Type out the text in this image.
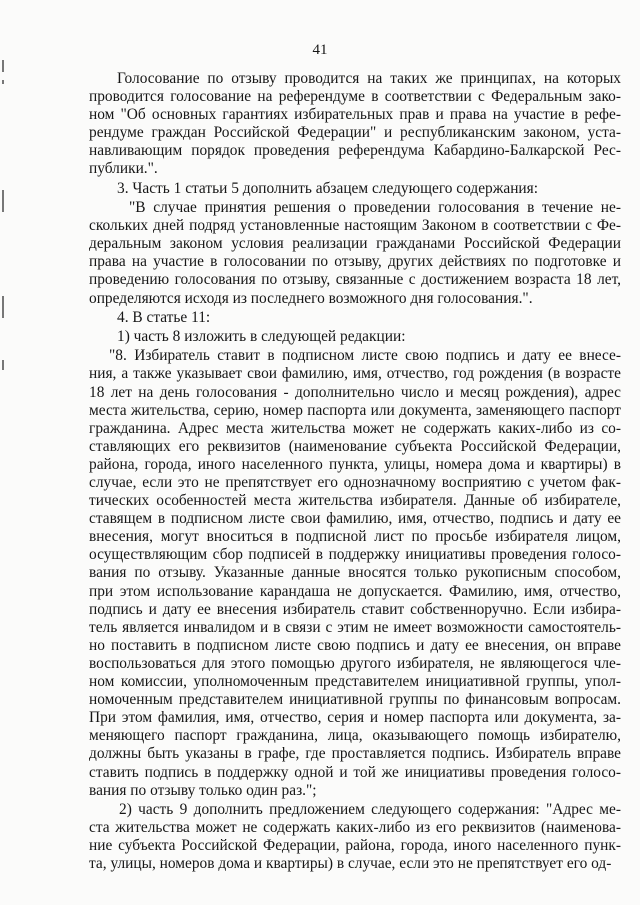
41
Голосование по отзыву проводится на таких же принципах, на которых
проводится голосование на референдуме в соответствии с Федеральным зако-
ном "Об основных гарантиях избирательных прав и права на участие в рефе-
рендуме граждан Российской Федерации" и республиканским законом, уста-
навливающим порядок проведения референдума Кабардино-Балкарской Рес-
публики.".
3. Часть 1 статьи 5 дополнить абзацем следующего содержания:
"В случае принятия решения о проведении голосования в течение не-
скольких дней подряд установленные настоящим Законом в соответствии с Фе-
деральным законом условия реализации гражданами Российской Федерации
права на участие в голосовании по отзыву, других действиях по подготовке и
проведению голосования по отзыву, связанные с достижением возраста 18 лет,
определяются исходя из последнего возможного дня голосования.".
4. В статье 11:
1) часть 8 изложить в следующей редакции:
"8. Избиратель ставит в подписном листе свою подпись и дату ее внесе-
ния, а также указывает свои фамилию, имя, отчество, год рождения (в возрасте
18 лет на день голосования - дополнительно число и месяц рождения), адрес
места жительства, серию, номер паспорта или документа, заменяющего паспорт
гражданина. Адрес места жительства может не содержать каких-либо из со-
ставляющих его реквизитов (наименование субъекта Российской Федерации,
района, города, иного населенного пункта, улицы, номера дома и квартиры) в
случае, если это не препятствует его однозначному восприятию с учетом фак-
тических особенностей места жительства избирателя. Данные об избирателе,
ставящем в подписном листе свои фамилию, имя, отчество, подпись и дату ее
внесения, могут вноситься в подписной лист по просьбе избирателя лицом,
осуществляющим сбор подписей в поддержку инициативы проведения голосо-
вания по отзыву. Указанные данные вносятся только рукописным способом,
при этом использование карандаша не допускается. Фамилию, имя, отчество,
подпись и дату ее внесения избиратель ставит собственноручно. Если избира-
тель является инвалидом и в связи с этим не имеет возможности самостоятель-
но поставить в подписном листе свою подпись и дату ее внесения, он вправе
воспользоваться для этого помощью другого избирателя, не являющегося чле-
ном комиссии, уполномоченным представителем инициативной группы, упол-
номоченным представителем инициативной группы по финансовым вопросам.
При этом фамилия, имя, отчество, серия и номер паспорта или документа, за-
меняющего паспорт гражданина, лица, оказывающего помощь избирателю,
должны быть указаны в графе, где проставляется подпись. Избиратель вправе
ставить подпись в поддержку одной и той же инициативы проведения голосо-
вания по отзыву только один раз.";
2) часть 9 дополнить предложением следующего содержания: "Адрес ме-
ста жительства может не содержать каких-либо из его реквизитов (наименова-
ние субъекта Российской Федерации, района, города, иного населенного пунк-
та, улицы, номеров дома и квартиры) в случае, если это не препятствует его од-
